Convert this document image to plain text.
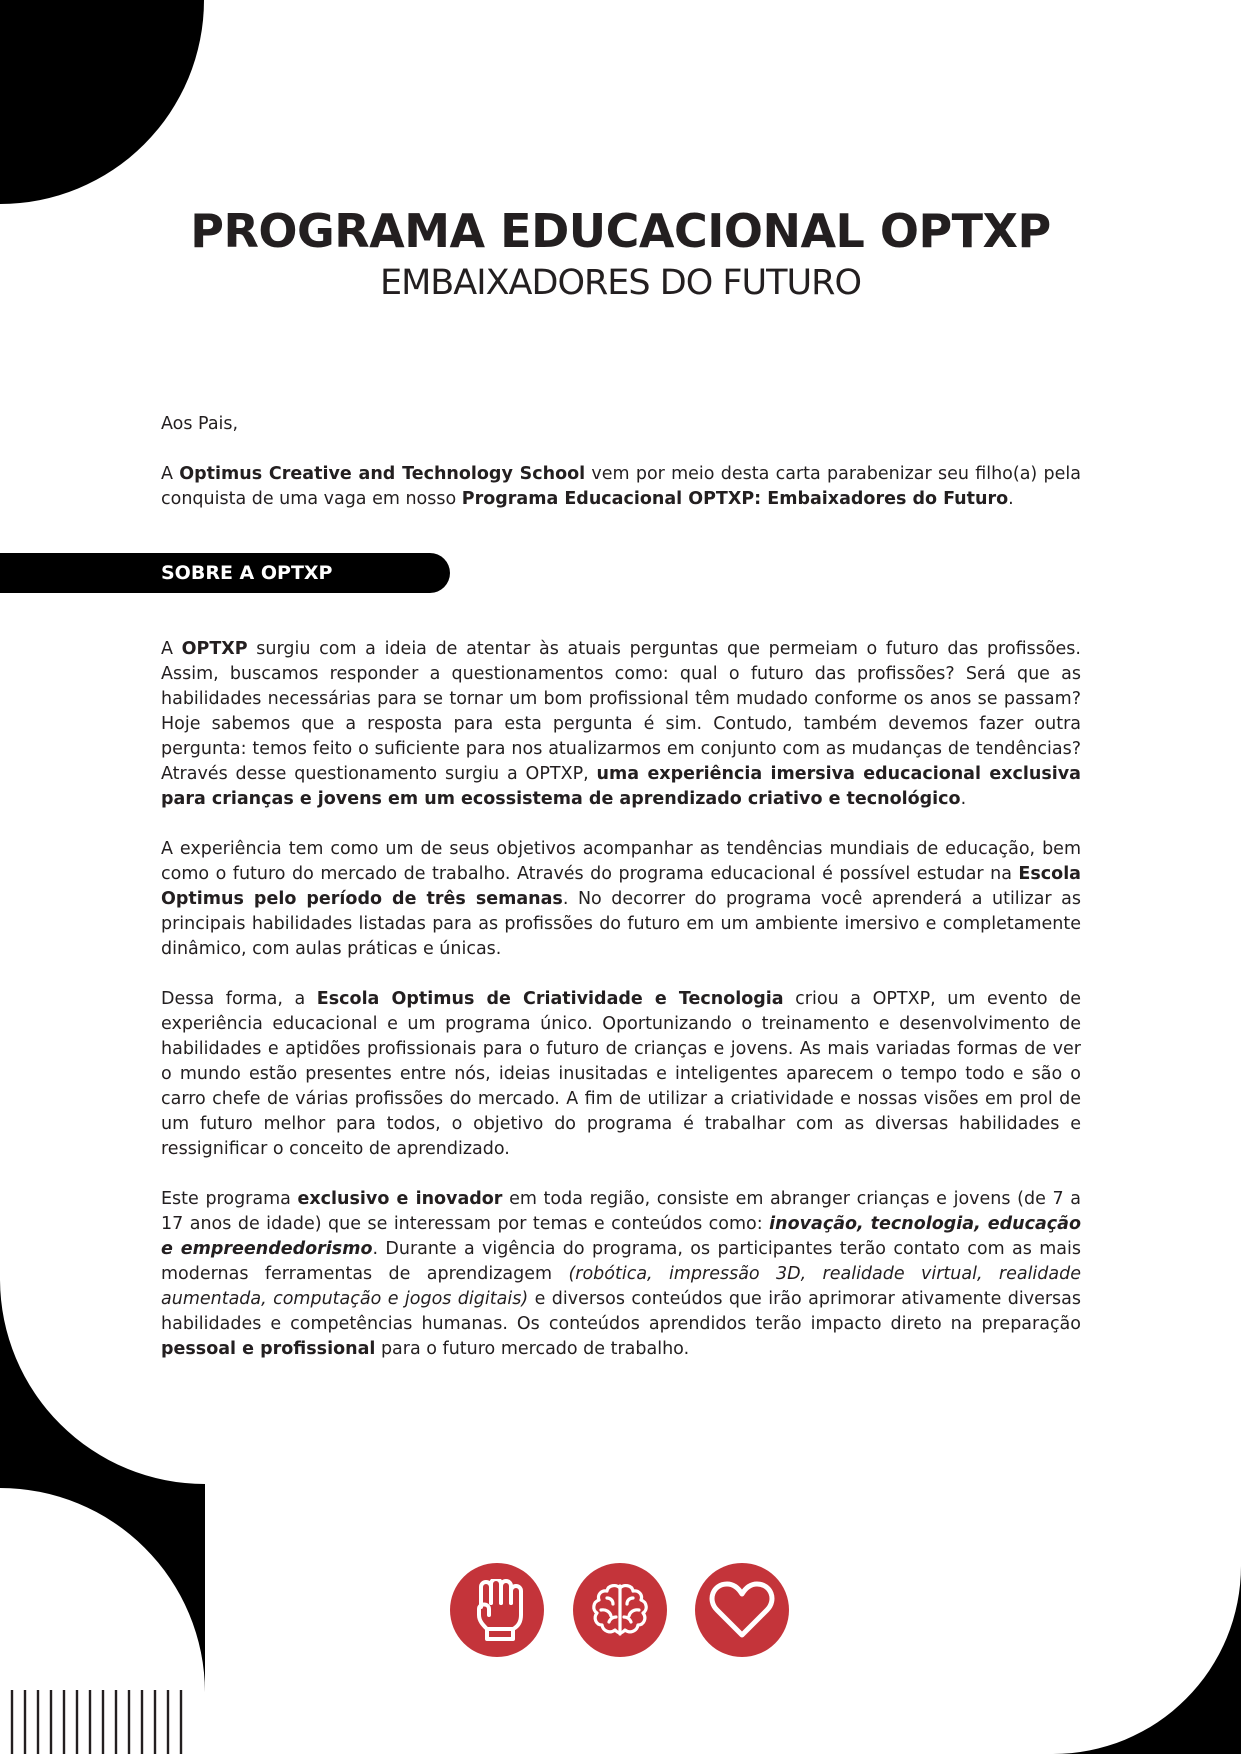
PROGRAMA EDUCACIONAL OPTXP
EMBAIXADORES DO FUTURO

Aos Pais,

A Optimus Creative and Technology School vem por meio desta carta parabenizar seu filho(a) pela conquista de uma vaga em nosso Programa Educacional OPTXP: Embaixadores do Futuro.

SOBRE A OPTXP

A OPTXP surgiu com a ideia de atentar às atuais perguntas que permeiam o futuro das profissões. Assim, buscamos responder a questionamentos como: qual o futuro das profissões? Será que as habilidades necessárias para se tornar um bom profissional têm mudado conforme os anos se passam? Hoje sabemos que a resposta para esta pergunta é sim. Contudo, também devemos fazer outra pergunta: temos feito o suficiente para nos atualizarmos em conjunto com as mudanças de tendências? Através desse questionamento surgiu a OPTXP, uma experiência imersiva educacional exclusiva para crianças e jovens em um ecossistema de aprendizado criativo e tecnológico.

A experiência tem como um de seus objetivos acompanhar as tendências mundiais de educação, bem como o futuro do mercado de trabalho. Através do programa educacional é possível estudar na Escola Optimus pelo período de três semanas. No decorrer do programa você aprenderá a utilizar as principais habilidades listadas para as profissões do futuro em um ambiente imersivo e completamente dinâmico, com aulas práticas e únicas.

Dessa forma, a Escola Optimus de Criatividade e Tecnologia criou a OPTXP, um evento de experiência educacional e um programa único. Oportunizando o treinamento e desenvolvimento de habilidades e aptidões profissionais para o futuro de crianças e jovens. As mais variadas formas de ver o mundo estão presentes entre nós, ideias inusitadas e inteligentes aparecem o tempo todo e são o carro chefe de várias profissões do mercado. A fim de utilizar a criatividade e nossas visões em prol de um futuro melhor para todos, o objetivo do programa é trabalhar com as diversas habilidades e ressignificar o conceito de aprendizado.

Este programa exclusivo e inovador em toda região, consiste em abranger crianças e jovens (de 7 a 17 anos de idade) que se interessam por temas e conteúdos como: inovação, tecnologia, educação e empreendedorismo. Durante a vigência do programa, os participantes terão contato com as mais modernas ferramentas de aprendizagem (robótica, impressão 3D, realidade virtual, realidade aumentada, computação e jogos digitais) e diversos conteúdos que irão aprimorar ativamente diversas habilidades e competências humanas. Os conteúdos aprendidos terão impacto direto na preparação pessoal e profissional para o futuro mercado de trabalho.
